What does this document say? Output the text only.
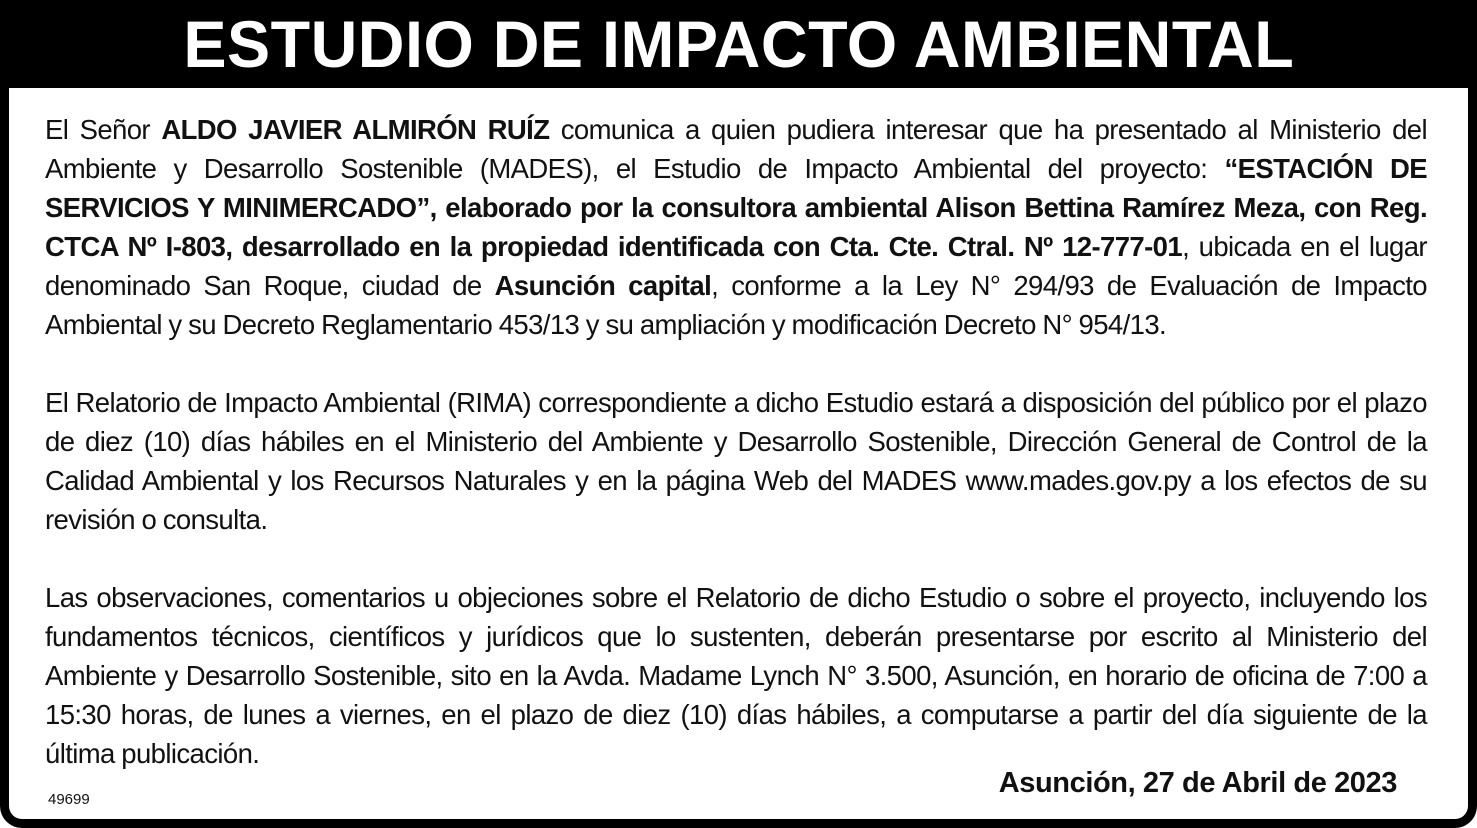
ESTUDIO DE IMPACTO AMBIENTAL

El Señor ALDO JAVIER ALMIRÓN RUÍZ comunica a quien pudiera interesar que ha presentado al Ministerio del Ambiente y Desarrollo Sostenible (MADES), el Estudio de Impacto Ambiental del proyecto: “ESTACIÓN DE SERVICIOS Y MINIMERCADO”, elaborado por la consultora ambiental Alison Bettina Ramírez Meza, con Reg. CTCA Nº I-803, desarrollado en la propiedad identificada con Cta. Cte. Ctral. Nº 12-777-01, ubicada en el lugar denominado San Roque, ciudad de Asunción capital, conforme a la Ley N° 294/93 de Evaluación de Impacto Ambiental y su Decreto Reglamentario 453/13 y su ampliación y modificación Decreto N° 954/13.

El Relatorio de Impacto Ambiental (RIMA) correspondiente a dicho Estudio estará a disposición del público por el plazo de diez (10) días hábiles en el Ministerio del Ambiente y Desarrollo Sostenible, Dirección General de Control de la Calidad Ambiental y los Recursos Naturales y en la página Web del MADES www.mades.gov.py a los efectos de su revisión o consulta.

Las observaciones, comentarios u objeciones sobre el Relatorio de dicho Estudio o sobre el proyecto, incluyendo los fundamentos técnicos, científicos y jurídicos que lo sustenten, deberán presentarse por escrito al Ministerio del Ambiente y Desarrollo Sostenible, sito en la Avda. Madame Lynch N° 3.500, Asunción, en horario de oficina de 7:00 a 15:30 horas, de lunes a viernes, en el plazo de diez (10) días hábiles, a computarse a partir del día siguiente de la última publicación.

49699
Asunción, 27 de Abril de 2023
